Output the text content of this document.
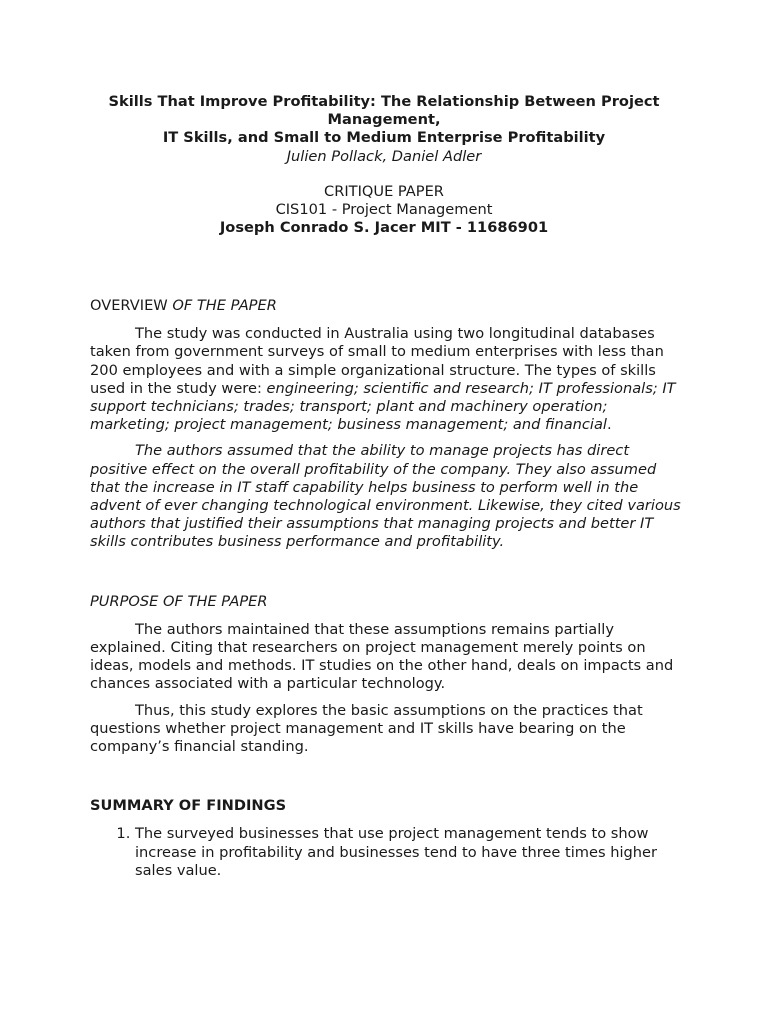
Skills That Improve Profitability: The Relationship Between Project
Management,
IT Skills, and Small to Medium Enterprise Profitability
Julien Pollack, Daniel Adler
CRITIQUE PAPER
CIS101 - Project Management
Joseph Conrado S. Jacer MIT - 11686901
OVERVIEW OF THE PAPER

The study was conducted in Australia using two longitudinal databases taken from government surveys of small to medium enterprises with less than 200 employees and with a simple organizational structure. The types of skills used in the study were: engineering; scientific and research; IT professionals; IT support technicians; trades; transport; plant and machinery operation; marketing; project management; business management; and financial.

The authors assumed that the ability to manage projects has direct positive effect on the overall profitability of the company. They also assumed that the increase in IT staff capability helps business to perform well in the advent of ever changing technological environment. Likewise, they cited various authors that justified their assumptions that managing projects and better IT skills contributes business performance and profitability.

PURPOSE OF THE PAPER

The authors maintained that these assumptions remains partially explained. Citing that researchers on project management merely points on ideas, models and methods. IT studies on the other hand, deals on impacts and chances associated with a particular technology.

Thus, this study explores the basic assumptions on the practices that questions whether project management and IT skills have bearing on the company’s financial standing.

SUMMARY OF FINDINGS
1. The surveyed businesses that use project management tends to show increase in profitability and businesses tend to have three times higher sales value.
